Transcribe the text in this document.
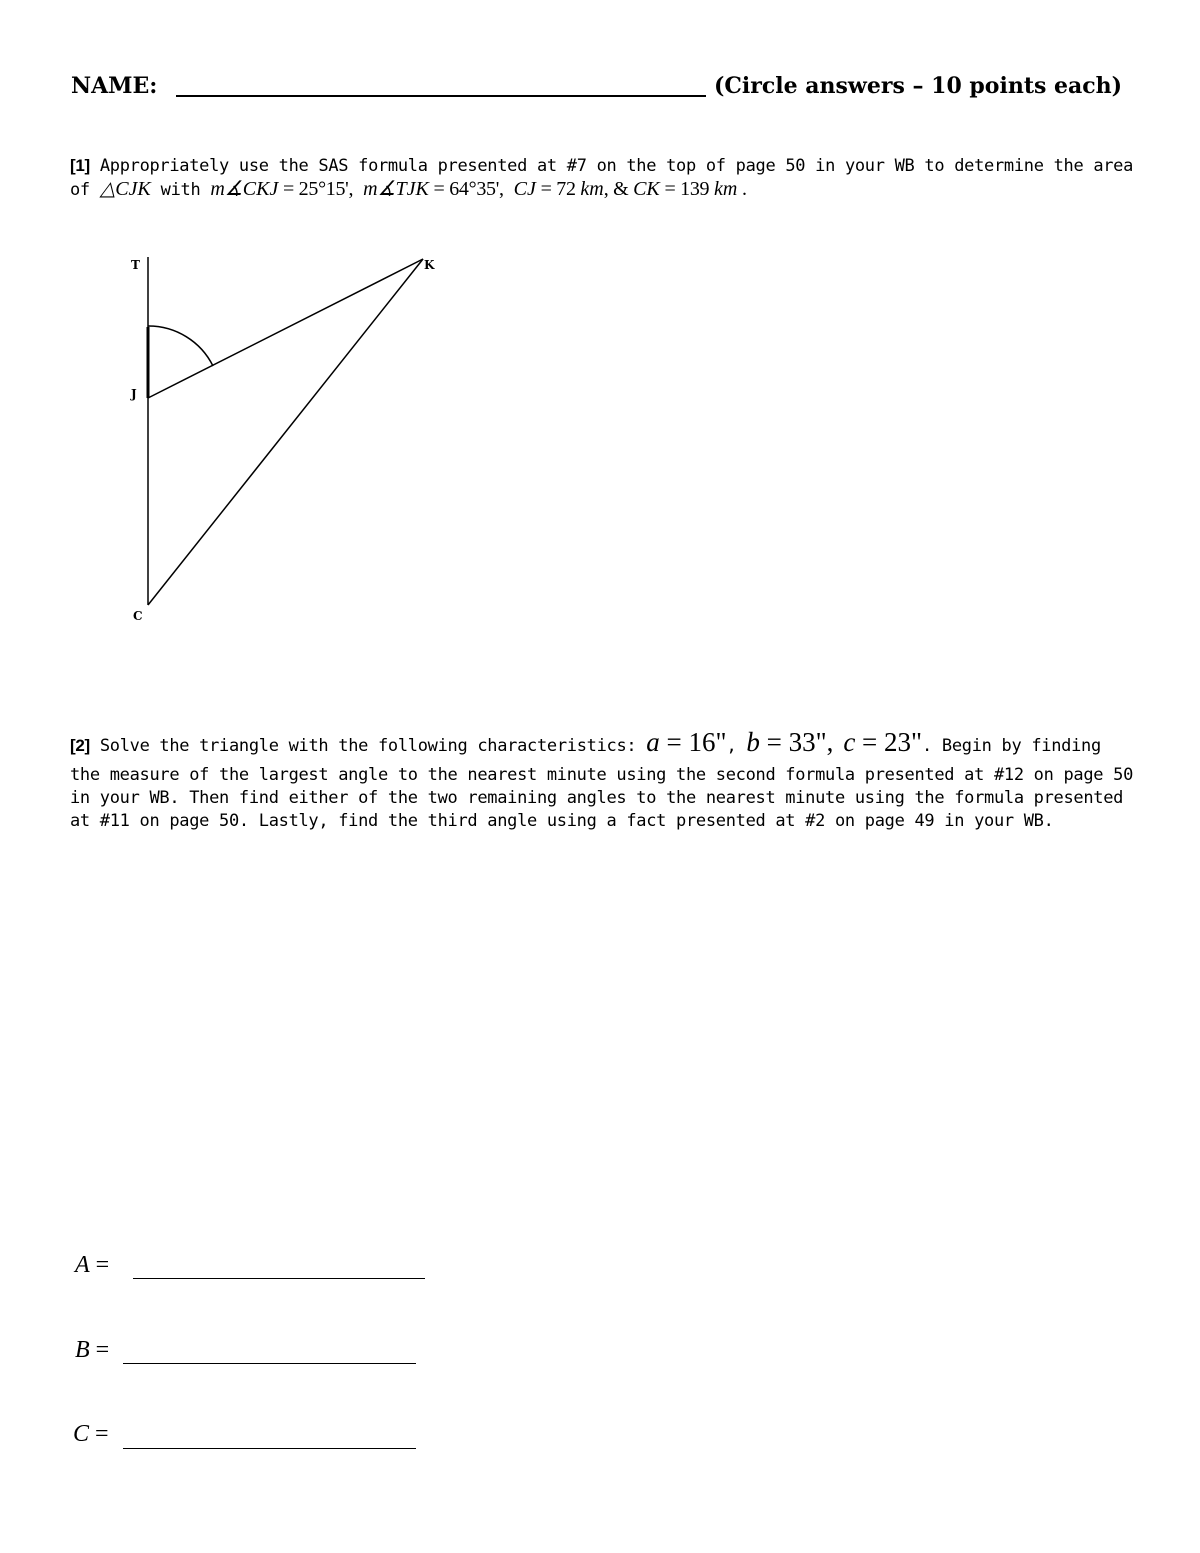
NAME:	(Circle answers – 10 points each)
[1] Appropriately use the SAS formula presented at #7 on the top of page 50 in your WB to determine the area
of △CJK with m∡CKJ = 25°15', m∡TJK = 64°35', CJ = 72 km, & CK = 139 km .
T	K
J
C
[2] Solve the triangle with the following characteristics: a = 16", b = 33", c = 23". Begin by finding
the measure of the largest angle to the nearest minute using the second formula presented at #12 on page 50
in your WB. Then find either of the two remaining angles to the nearest minute using the formula presented
at #11 on page 50. Lastly, find the third angle using a fact presented at #2 on page 49 in your WB.
A =
B =
C =
